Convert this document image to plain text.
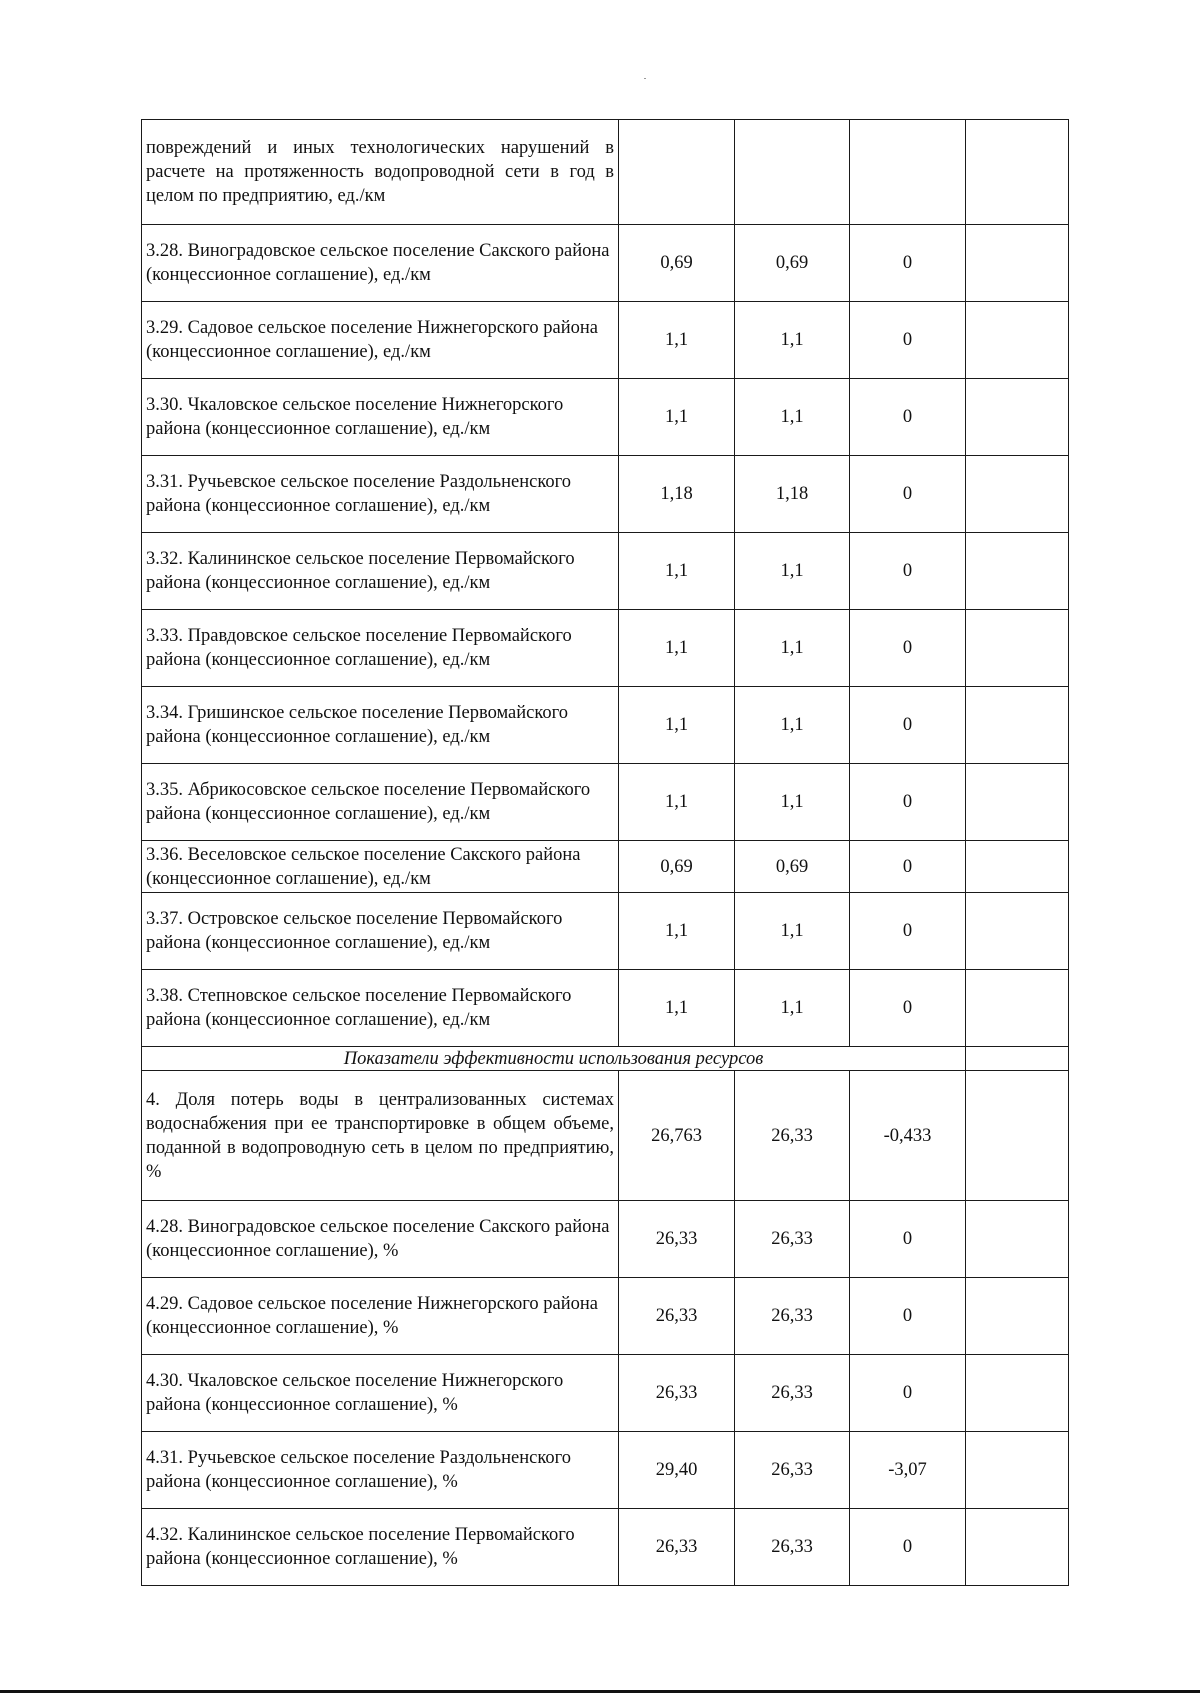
повреждений и иных технологических нарушений в расчете на протяженность водопроводной сети в год в целом по предприятию, ед./км				
3.28. Виноградовское сельское поселение Сакского района (концессионное соглашение), ед./км	0,69	0,69	0	
3.29. Садовое сельское поселение Нижнегорского района (концессионное соглашение), ед./км	1,1	1,1	0	
3.30. Чкаловское сельское поселение Нижнегорского района (концессионное соглашение), ед./км	1,1	1,1	0	
3.31. Ручьевское сельское поселение Раздольненского района (концессионное соглашение), ед./км	1,18	1,18	0	
3.32. Калининское сельское поселение Первомайского района (концессионное соглашение), ед./км	1,1	1,1	0	
3.33. Правдовское сельское поселение Первомайского района (концессионное соглашение), ед./км	1,1	1,1	0	
3.34. Гришинское сельское поселение Первомайского района (концессионное соглашение), ед./км	1,1	1,1	0	
3.35. Абрикосовское сельское поселение Первомайского района (концессионное соглашение), ед./км	1,1	1,1	0	
3.36. Веселовское сельское поселение Сакского района (концессионное соглашение), ед./км	0,69	0,69	0	
3.37. Островское сельское поселение Первомайского района (концессионное соглашение), ед./км	1,1	1,1	0	
3.38. Степновское сельское поселение Первомайского района (концессионное соглашение), ед./км	1,1	1,1	0	
Показатели эффективности использования ресурсов				
4. Доля потерь воды в централизованных системах водоснабжения при ее транспортировке в общем объеме, поданной в водопроводную сеть в целом по предприятию, %	26,763	26,33	-0,433	
4.28. Виноградовское сельское поселение Сакского района (концессионное соглашение), %	26,33	26,33	0	
4.29. Садовое сельское поселение Нижнегорского района (концессионное соглашение), %	26,33	26,33	0	
4.30. Чкаловское сельское поселение Нижнегорского района (концессионное соглашение), %	26,33	26,33	0	
4.31. Ручьевское сельское поселение Раздольненского района (концессионное соглашение), %	29,40	26,33	-3,07	
4.32. Калининское сельское поселение Первомайского района (концессионное соглашение), %	26,33	26,33	0	
